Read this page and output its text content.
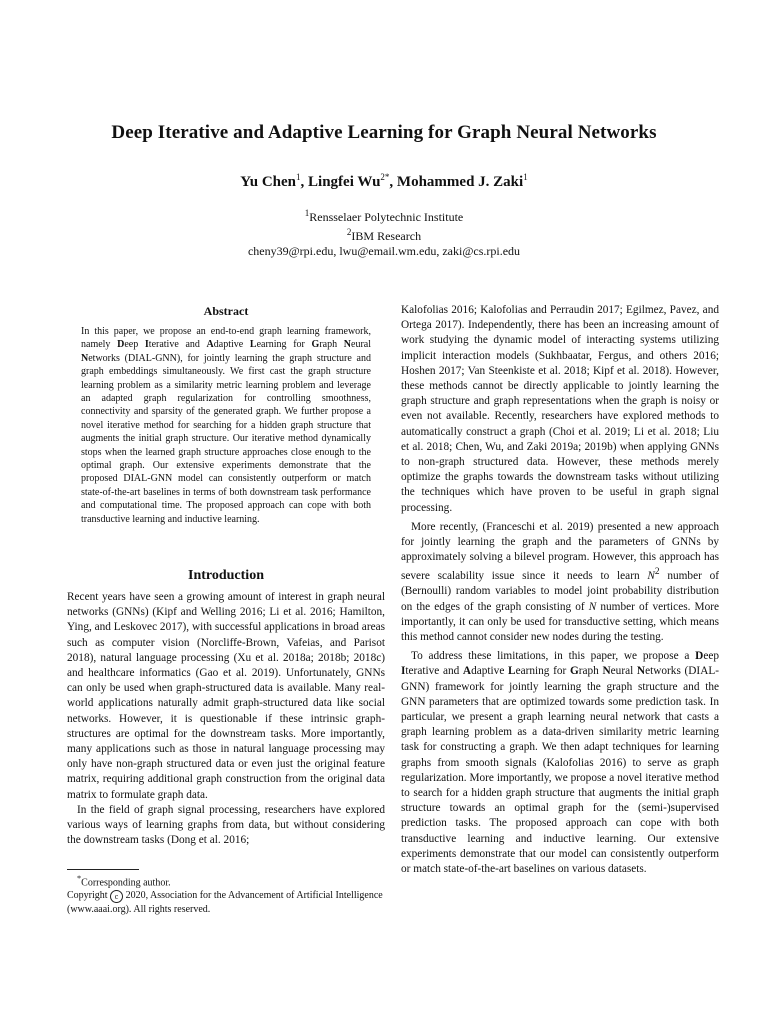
Deep Iterative and Adaptive Learning for Graph Neural Networks
Yu Chen$^1$, Lingfei $Wu^{2*}$, Mohammed J. Zaki$^1$
$^1$Rensselaer Polytechnic Institute
$^2$IBM Research
cheny39@rpi.edu, lwu@email.wm.edu, zaki@cs.rpi.edu
Abstract
In this paper, we propose an end-to-end graph learning framework, namely Deep Iterative and Adaptive Learning for Graph Neural Networks (DIAL-GNN), for jointly learning the graph structure and graph embeddings simultaneously. We first cast the graph structure learning problem as a similarity metric learning problem and leverage an adapted graph regularization for controlling smoothness, connectivity and sparsity of the generated graph. We further propose a novel iterative method for searching for a hidden graph structure that augments the initial graph structure. Our iterative method dynamically stops when the learned graph structure approaches close enough to the optimal graph. Our extensive experiments demonstrate that the proposed DIAL-GNN model can consistently outperform or match state-of-the-art baselines in terms of both downstream task performance and computational time. The proposed approach can cope with both transductive learning and inductive learning.
Introduction

Recent years have seen a growing amount of interest in graph neural networks (GNNs) (Kipf and Welling 2016; Li et al. 2016; Hamilton, Ying, and Leskovec 2017), with successful applications in broad areas such as computer vision (Norcliffe-Brown, Vafeias, and Parisot 2018), natural language processing (Xu et al. 2018a; 2018b; 2018c) and healthcare informatics (Gao et al. 2019). Unfortunately, GNNs can only be used when graph-structured data is available. Many real-world applications naturally admit graph-structured data like social networks. However, it is questionable if these intrinsic graph-structures are optimal for the downstream tasks. More importantly, many applications such as those in natural language processing may only have non-graph structured data or even just the original feature matrix, requiring additional graph construction from the original data matrix to formulate graph data.

In the field of graph signal processing, researchers have explored various ways of learning graphs from data, but without considering the downstream tasks (Dong et al. 2016;

*Corresponding author.
Copyright c 2020, Association for the Advancement of Artificial Intelligence (www.aaai.org). All rights reserved.

Kalofolias 2016; Kalofolias and Perraudin 2017; Egilmez, Pavez, and Ortega 2017). Independently, there has been an increasing amount of work studying the dynamic model of interacting systems utilizing implicit interaction models (Sukhbaatar, Fergus, and others 2016; Hoshen 2017; Van Steenkiste et al. 2018; Kipf et al. 2018). However, these methods cannot be directly applicable to jointly learning the graph structure and graph representations when the graph is noisy or even not available. Recently, researchers have explored methods to automatically construct a graph (Choi et al. 2019; Li et al. 2018; Liu et al. 2018; Chen, Wu, and Zaki 2019a; 2019b) when applying GNNs to non-graph structured data. However, these methods merely optimize the graphs towards the downstream tasks without utilizing the techniques which have proven to be useful in graph signal processing.

More recently, (Franceschi et al. 2019) presented a new approach for jointly learning the graph and the parameters of GNNs by approximately solving a bilevel program. However, this approach has severe scalability issue since it needs to learn $N^2$ number of (Bernoulli) random variables to model joint probability distribution on the edges of the graph consisting of N number of vertices. More importantly, it can only be used for transductive setting, which means this method cannot consider new nodes during the testing.

To address these limitations, in this paper, we propose a Deep Iterative and Adaptive Learning for Graph Neural Networks (DIAL-GNN) framework for jointly learning the graph structure and the GNN parameters that are optimized towards some prediction task. In particular, we present a graph learning neural network that casts a graph learning problem as a data-driven similarity metric learning task for constructing a graph. We then adapt techniques for learning graphs from smooth signals (Kalofolias 2016) to serve as graph regularization. More importantly, we propose a novel iterative method to search for a hidden graph structure that augments the initial graph structure towards an optimal graph for the (semi-)supervised prediction tasks. The proposed approach can cope with both transductive learning and inductive learning. Our extensive experiments demonstrate that our model can consistently outperform or match state-of-the-art baselines on various datasets.
